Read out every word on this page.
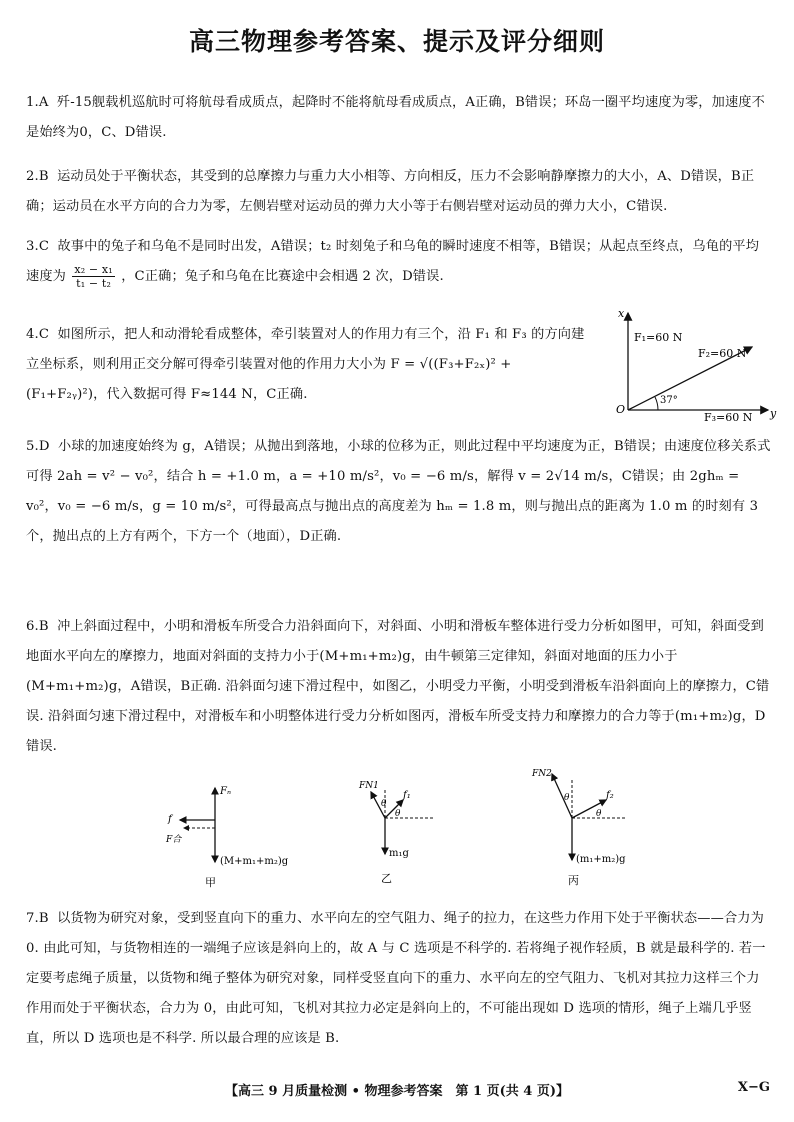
高三物理参考答案、提示及评分细则
1.A 歼-15舰载机巡航时可将航母看成质点，起降时不能将航母看成质点，A正确，B错误；环岛一圈平均速度为零，加速度不是始终为0，C、D错误.
2.B 运动员处于平衡状态，其受到的总摩擦力与重力大小相等、方向相反，压力不会影响静摩擦力的大小，A、D错误，B正确；运动员在水平方向的合力为零，左侧岩壁对运动员的弹力大小等于右侧岩壁对运动员的弹力大小，C错误.
3.C 故事中的兔子和乌龟不是同时出发，A错误；t₂ 时刻兔子和乌龟的瞬时速度不相等，B错误；从起点至终点，乌龟的平均速度为 $\frac{\text{x₂ − x₁}}{\text{t₁ − t₂}}$ ，C正确；兔子和乌龟在比赛途中会相遇 2 次，D错误.
4.C 如图所示，把人和动滑轮看成整体，牵引装置对人的作用力有三个，沿 F₁ 和 F₃ 的方向建立坐标系，则利用正交分解可得牵引装置对他的作用力大小为 F = √((F₃+F₂ₓ)² + (F₁+F₂ᵧ)²)，代入数据可得 F≈144 N，C正确.
x
y
O
F₁=60 N
F₂=60 N
F₃=60 N
37°
5.D 小球的加速度始终为 g，A错误；从抛出到落地，小球的位移为正，则此过程中平均速度为正，B错误；由速度位移关系式可得 2ah = v² − v₀²，结合 h = +1.0 m，a = +10 m/s²，v₀ = −6 m/s，解得 v = 2√14 m/s，C错误；由 2ghₘ = v₀²，v₀ = −6 m/s，g = 10 m/s²，可得最高点与抛出点的高度差为 hₘ = 1.8 m，则与抛出点的距离为 1.0 m 的时刻有 3 个，抛出点的上方有两个，下方一个（地面），D正确.
6.B 冲上斜面过程中，小明和滑板车所受合力沿斜面向下，对斜面、小明和滑板车整体进行受力分析如图甲，可知，斜面受到地面水平向左的摩擦力，地面对斜面的支持力小于(M+m₁+m₂)g，由牛顿第三定律知，斜面对地面的压力小于(M+m₁+m₂)g，A错误，B正确. 沿斜面匀速下滑过程中，如图乙，小明受力平衡，小明受到滑板车沿斜面向上的摩擦力，C错误. 沿斜面匀速下滑过程中，对滑板车和小明整体进行受力分析如图丙，滑板车所受支持力和摩擦力的合力等于(m₁+m₂)g，D错误.
Fₙ
f
F合
(M+m₁+m₂)g
甲
FN1
f₁
θ
θ
m₁g
乙
FN2
f₂
θ
θ
(m₁+m₂)g
丙
7.B 以货物为研究对象，受到竖直向下的重力、水平向左的空气阻力、绳子的拉力，在这些力作用下处于平衡状态——合力为 0. 由此可知，与货物相连的一端绳子应该是斜向上的，故 A 与 C 选项是不科学的. 若将绳子视作轻质，B 就是最科学的. 若一定要考虑绳子质量，以货物和绳子整体为研究对象，同样受竖直向下的重力、水平向左的空气阻力、飞机对其拉力这样三个力作用而处于平衡状态，合力为 0，由此可知，飞机对其拉力必定是斜向上的，不可能出现如 D 选项的情形，绳子上端几乎竖直，所以 D 选项也是不科学. 所以最合理的应该是 B.
【高三 9 月质量检测 • 物理参考答案　第 1 页(共 4 页)】	X−G
